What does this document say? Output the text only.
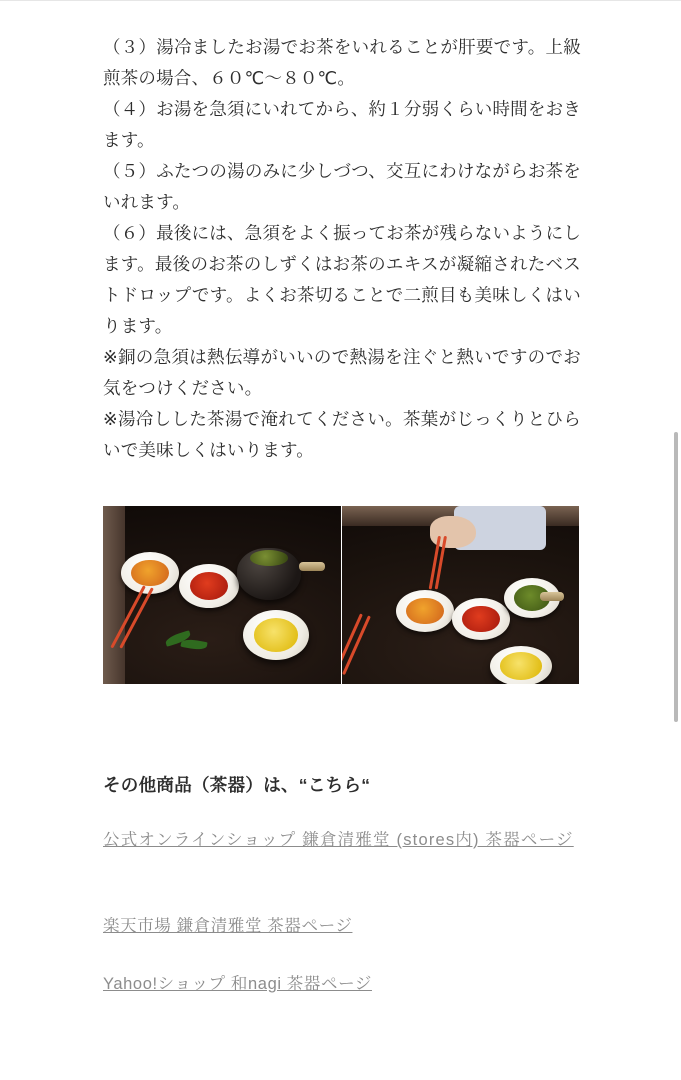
（３）湯冷ましたお湯でお茶をいれることが肝要です。上級煎茶の場合、６０℃〜８０℃。

（４）お湯を急須にいれてから、約１分弱くらい時間をおきます。

（５）ふたつの湯のみに少しづつ、交互にわけながらお茶をいれます。

（６）最後には、急須をよく振ってお茶が残らないようにします。最後のお茶のしずくはお茶のエキスが凝縮されたベストドロップです。よくお茶切ることで二煎目も美味しくはいります。

※銅の急須は熱伝導がいいので熱湯を注ぐと熱いですのでお気をつけください。

※湯冷しした茶湯で淹れてください。茶葉がじっくりとひらいで美味しくはいります。

その他商品（茶器）は、“こちら“
公式オンラインショップ 鎌倉清雅堂 (stores内) 茶器ページ
楽天市場 鎌倉清雅堂 茶器ページ
Yahoo!ショップ 和nagi 茶器ページ
